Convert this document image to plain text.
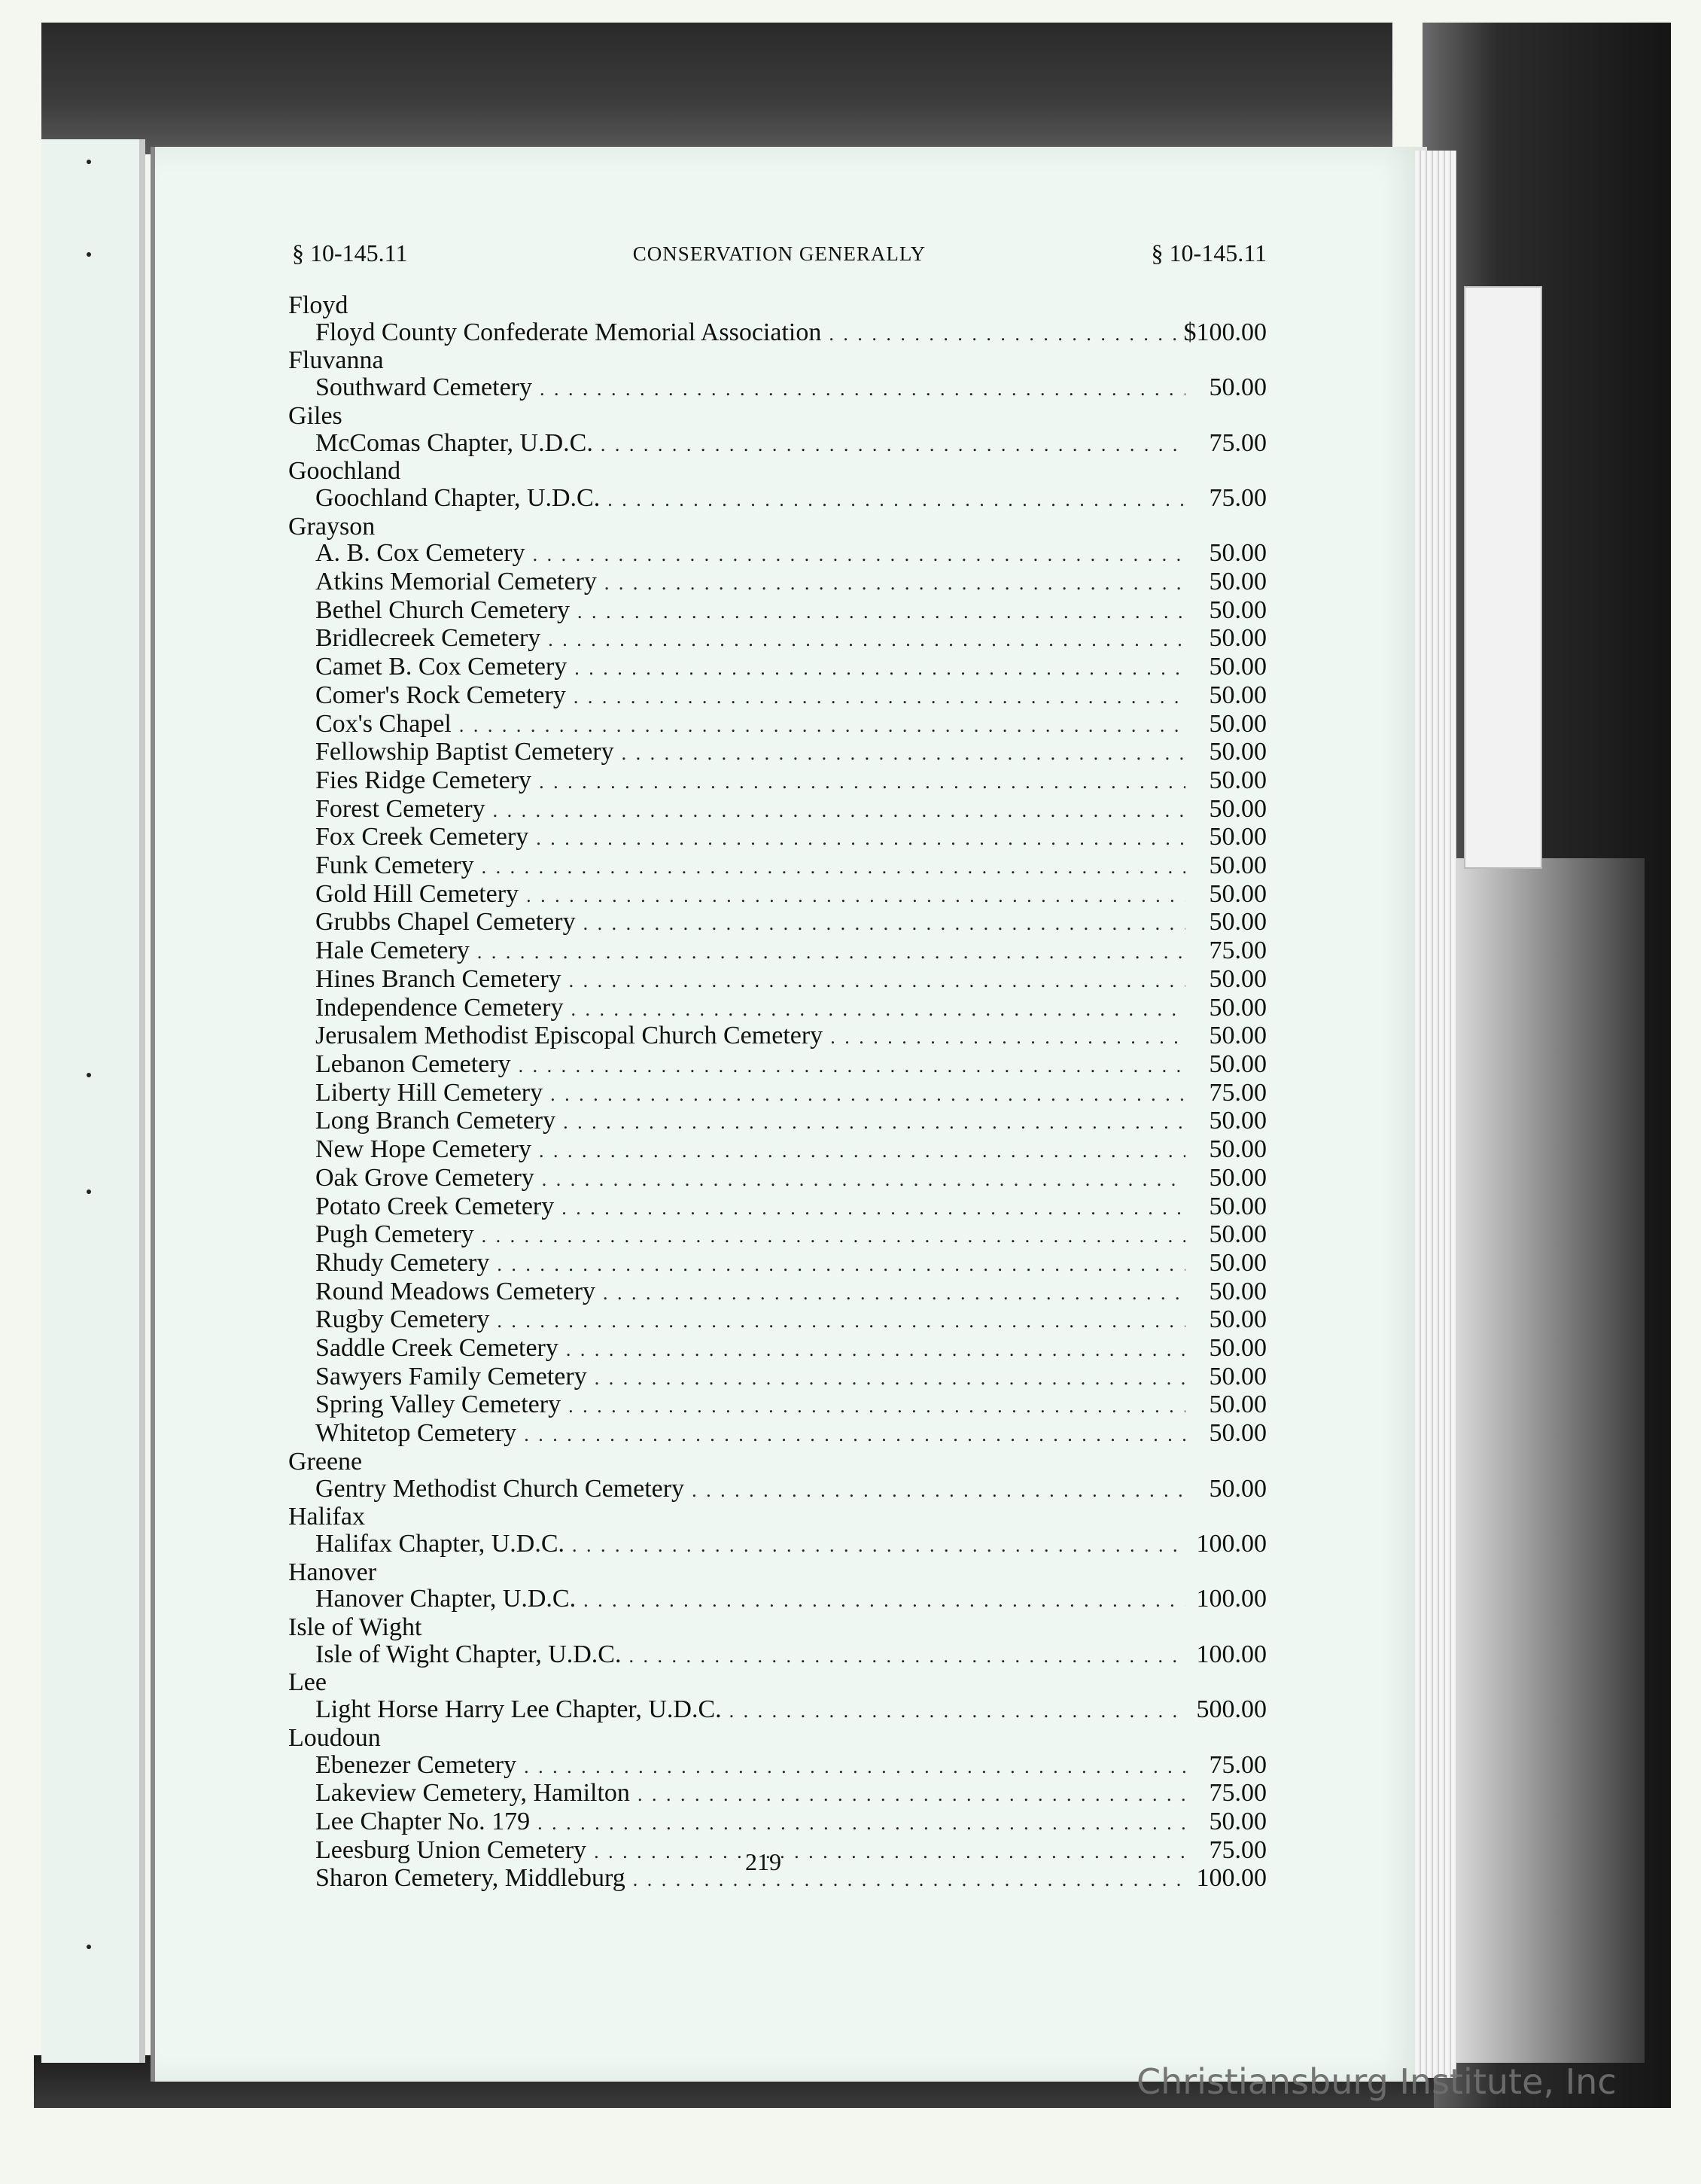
§ 10-145.11	CONSERVATION GENERALLY	§ 10-145.11
Floyd
Floyd County Confederate Memorial Association . . .	$100.00
Fluvanna
Southward Cemetery . . .	50.00
Giles
McComas Chapter, U.D.C. . . .	75.00
Goochland
Goochland Chapter, U.D.C. . . .	75.00
Grayson
A. B. Cox Cemetery . . .	50.00
Atkins Memorial Cemetery . . .	50.00
Bethel Church Cemetery . . .	50.00
Bridlecreek Cemetery . . .	50.00
Camet B. Cox Cemetery . . .	50.00
Comer's Rock Cemetery . . .	50.00
Cox's Chapel . . .	50.00
Fellowship Baptist Cemetery . . .	50.00
Fies Ridge Cemetery . . .	50.00
Forest Cemetery . . .	50.00
Fox Creek Cemetery . . .	50.00
Funk Cemetery . . .	50.00
Gold Hill Cemetery . . .	50.00
Grubbs Chapel Cemetery . . .	50.00
Hale Cemetery . . .	75.00
Hines Branch Cemetery . . .	50.00
Independence Cemetery . . .	50.00
Jerusalem Methodist Episcopal Church Cemetery . . .	50.00
Lebanon Cemetery . . .	50.00
Liberty Hill Cemetery . . .	75.00
Long Branch Cemetery . . .	50.00
New Hope Cemetery . . .	50.00
Oak Grove Cemetery . . .	50.00
Potato Creek Cemetery . . .	50.00
Pugh Cemetery . . .	50.00
Rhudy Cemetery . . .	50.00
Round Meadows Cemetery . . .	50.00
Rugby Cemetery . . .	50.00
Saddle Creek Cemetery . . .	50.00
Sawyers Family Cemetery . . .	50.00
Spring Valley Cemetery . . .	50.00
Whitetop Cemetery . . .	50.00
Greene
Gentry Methodist Church Cemetery . . .	50.00
Halifax
Halifax Chapter, U.D.C. . . .	100.00
Hanover
Hanover Chapter, U.D.C. . . .	100.00
Isle of Wight
Isle of Wight Chapter, U.D.C. . . .	100.00
Lee
Light Horse Harry Lee Chapter, U.D.C. . . .	500.00
Loudoun
Ebenezer Cemetery . . .	75.00
Lakeview Cemetery, Hamilton . . .	75.00
Lee Chapter No. 179 . . .	50.00
Leesburg Union Cemetery . . .	75.00
Sharon Cemetery, Middleburg . . .	100.00
219
Christiansburg Institute, Inc
